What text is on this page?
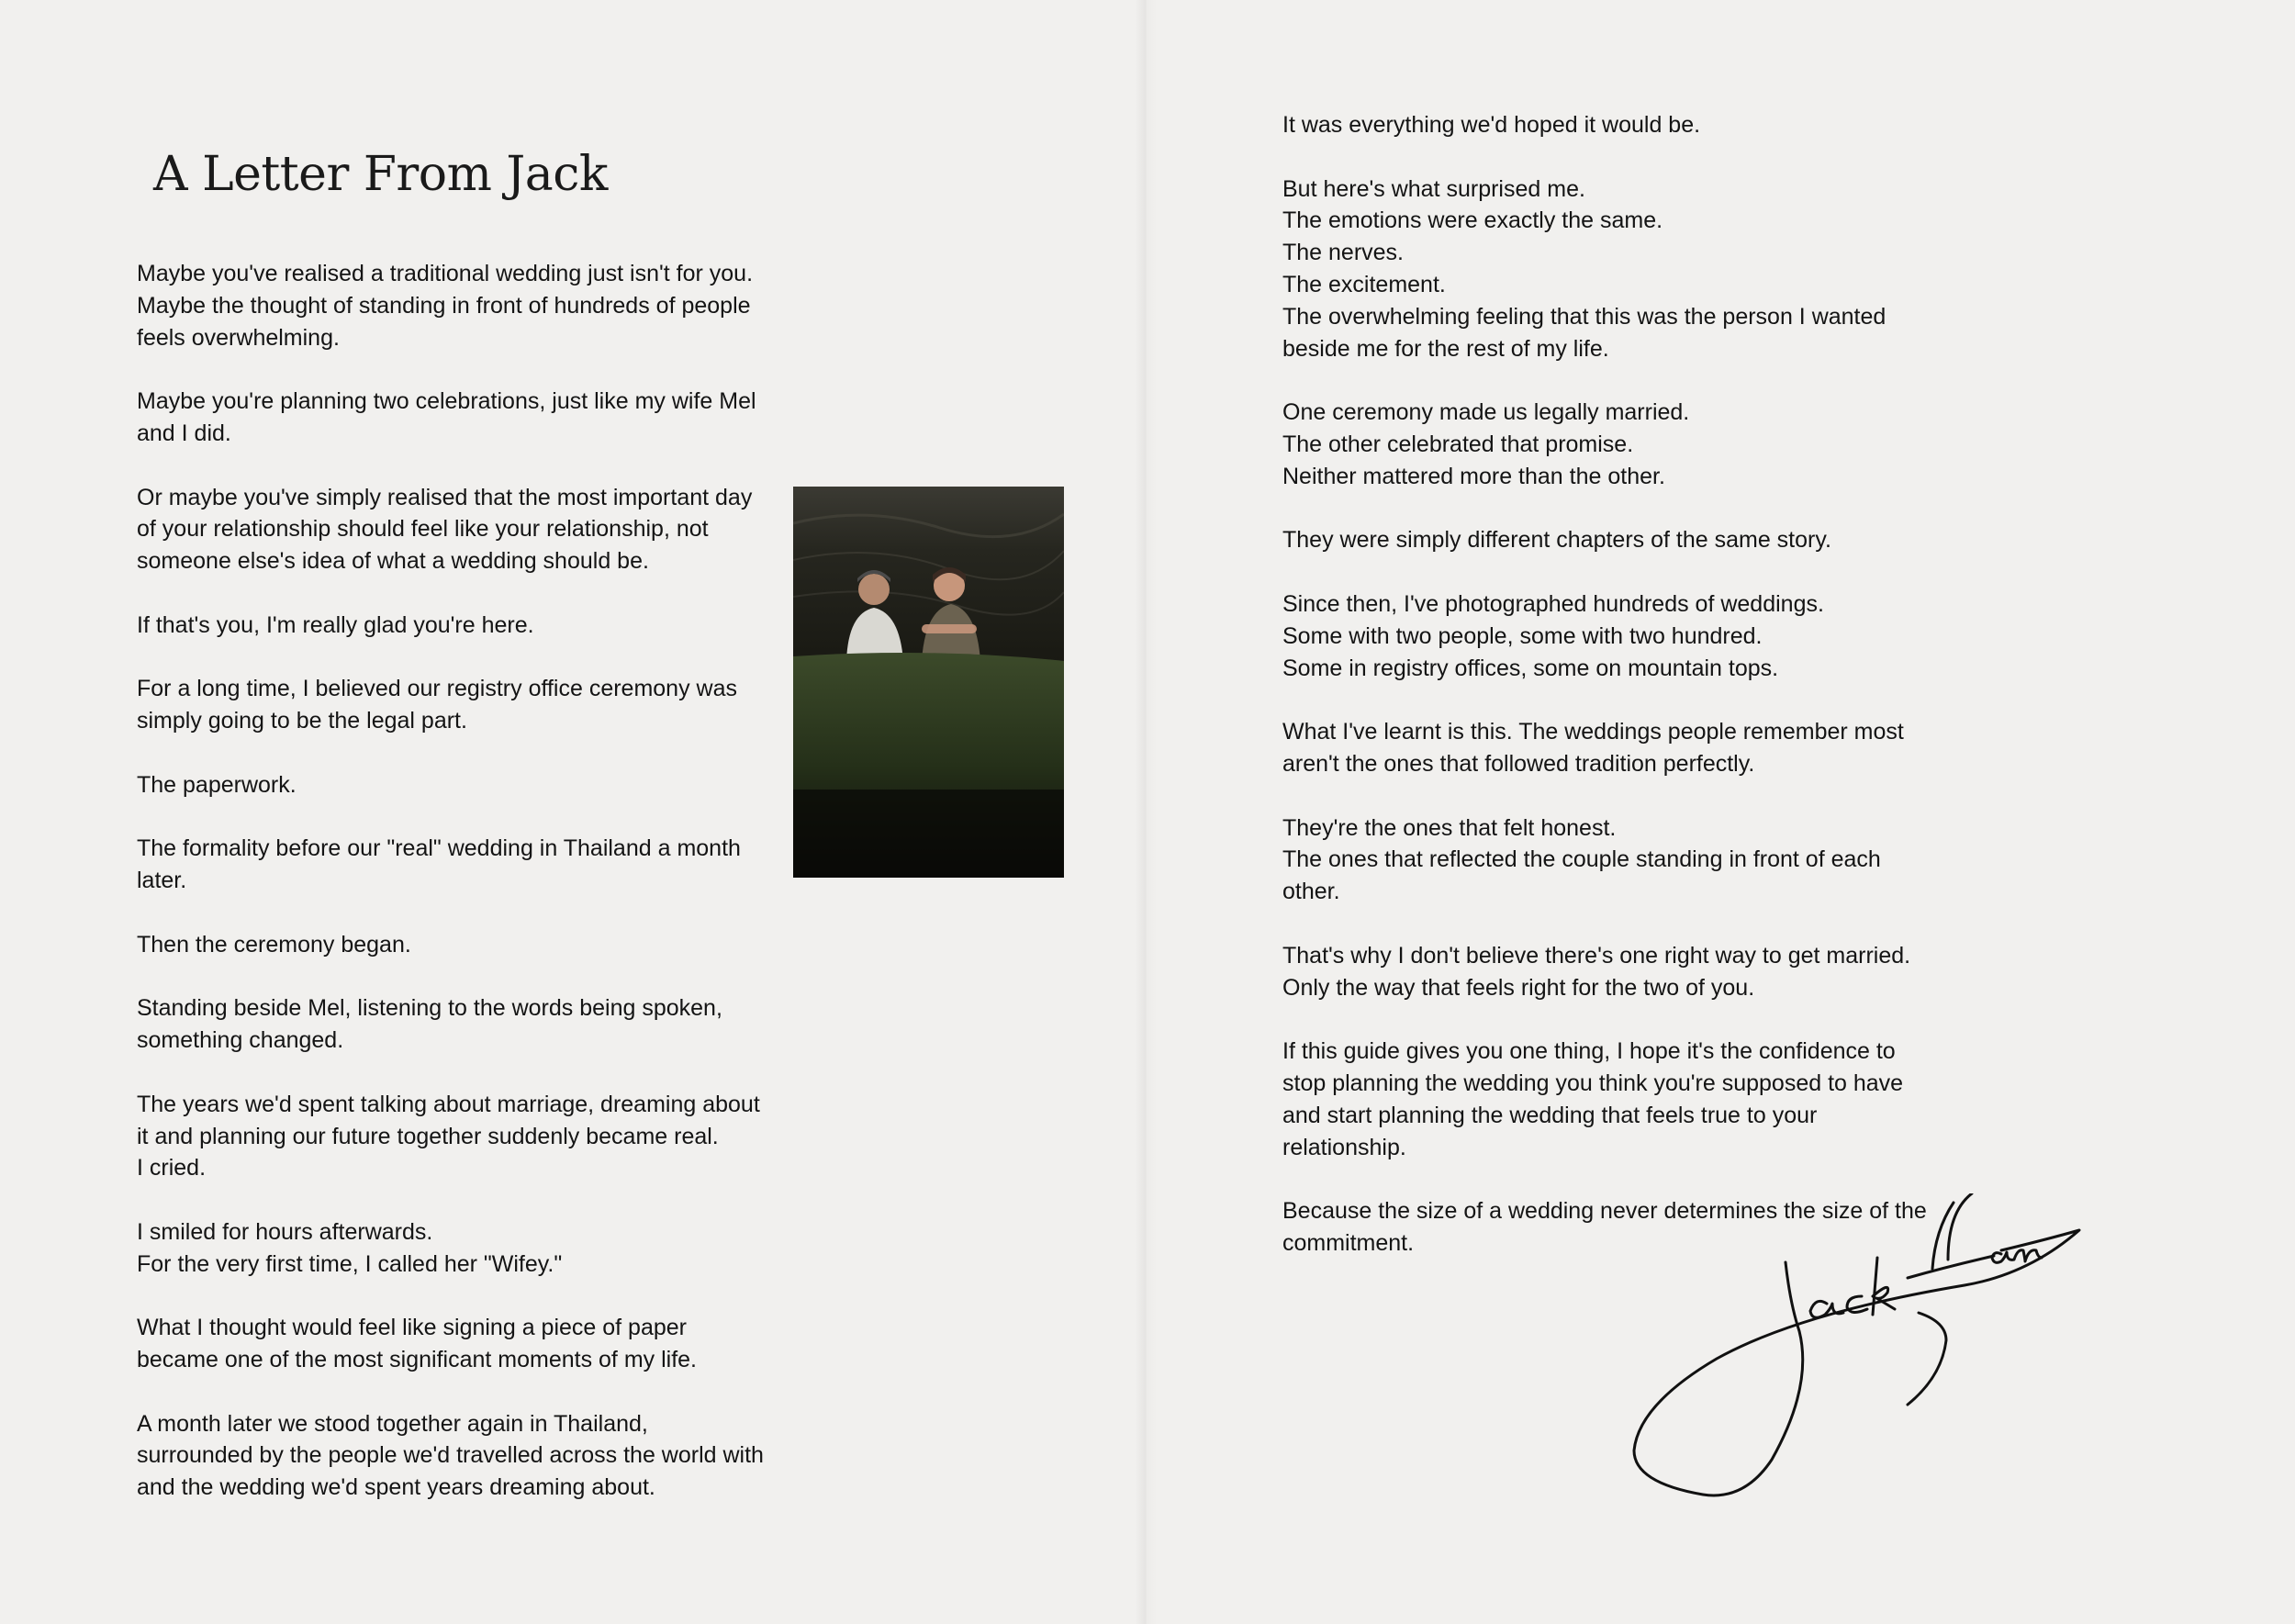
A Letter From Jack

Maybe you've realised a traditional wedding just isn't for you.
Maybe the thought of standing in front of hundreds of people
feels overwhelming.

Maybe you're planning two celebrations, just like my wife Mel
and I did.

Or maybe you've simply realised that the most important day
of your relationship should feel like your relationship, not
someone else's idea of what a wedding should be.

If that's you, I'm really glad you're here.

For a long time, I believed our registry office ceremony was
simply going to be the legal part.

The paperwork.

The formality before our "real" wedding in Thailand a month
later.

Then the ceremony began.

Standing beside Mel, listening to the words being spoken,
something changed.

The years we'd spent talking about marriage, dreaming about
it and planning our future together suddenly became real.
I cried.

I smiled for hours afterwards.
For the very first time, I called her "Wifey."

What I thought would feel like signing a piece of paper
became one of the most significant moments of my life.

A month later we stood together again in Thailand,
surrounded by the people we'd travelled across the world with
and the wedding we'd spent years dreaming about.

It was everything we'd hoped it would be.

But here's what surprised me.
The emotions were exactly the same.
The nerves.
The excitement.
The overwhelming feeling that this was the person I wanted
beside me for the rest of my life.

One ceremony made us legally married.
The other celebrated that promise.
Neither mattered more than the other.

They were simply different chapters of the same story.

Since then, I've photographed hundreds of weddings.
Some with two people, some with two hundred.
Some in registry offices, some on mountain tops.

What I've learnt is this. The weddings people remember most
aren't the ones that followed tradition perfectly.

They're the ones that felt honest.
The ones that reflected the couple standing in front of each
other.

That's why I don't believe there's one right way to get married.
Only the way that feels right for the two of you.

If this guide gives you one thing, I hope it's the confidence to
stop planning the wedding you think you're supposed to have
and start planning the wedding that feels true to your
relationship.

Because the size of a wedding never determines the size of the
commitment.
